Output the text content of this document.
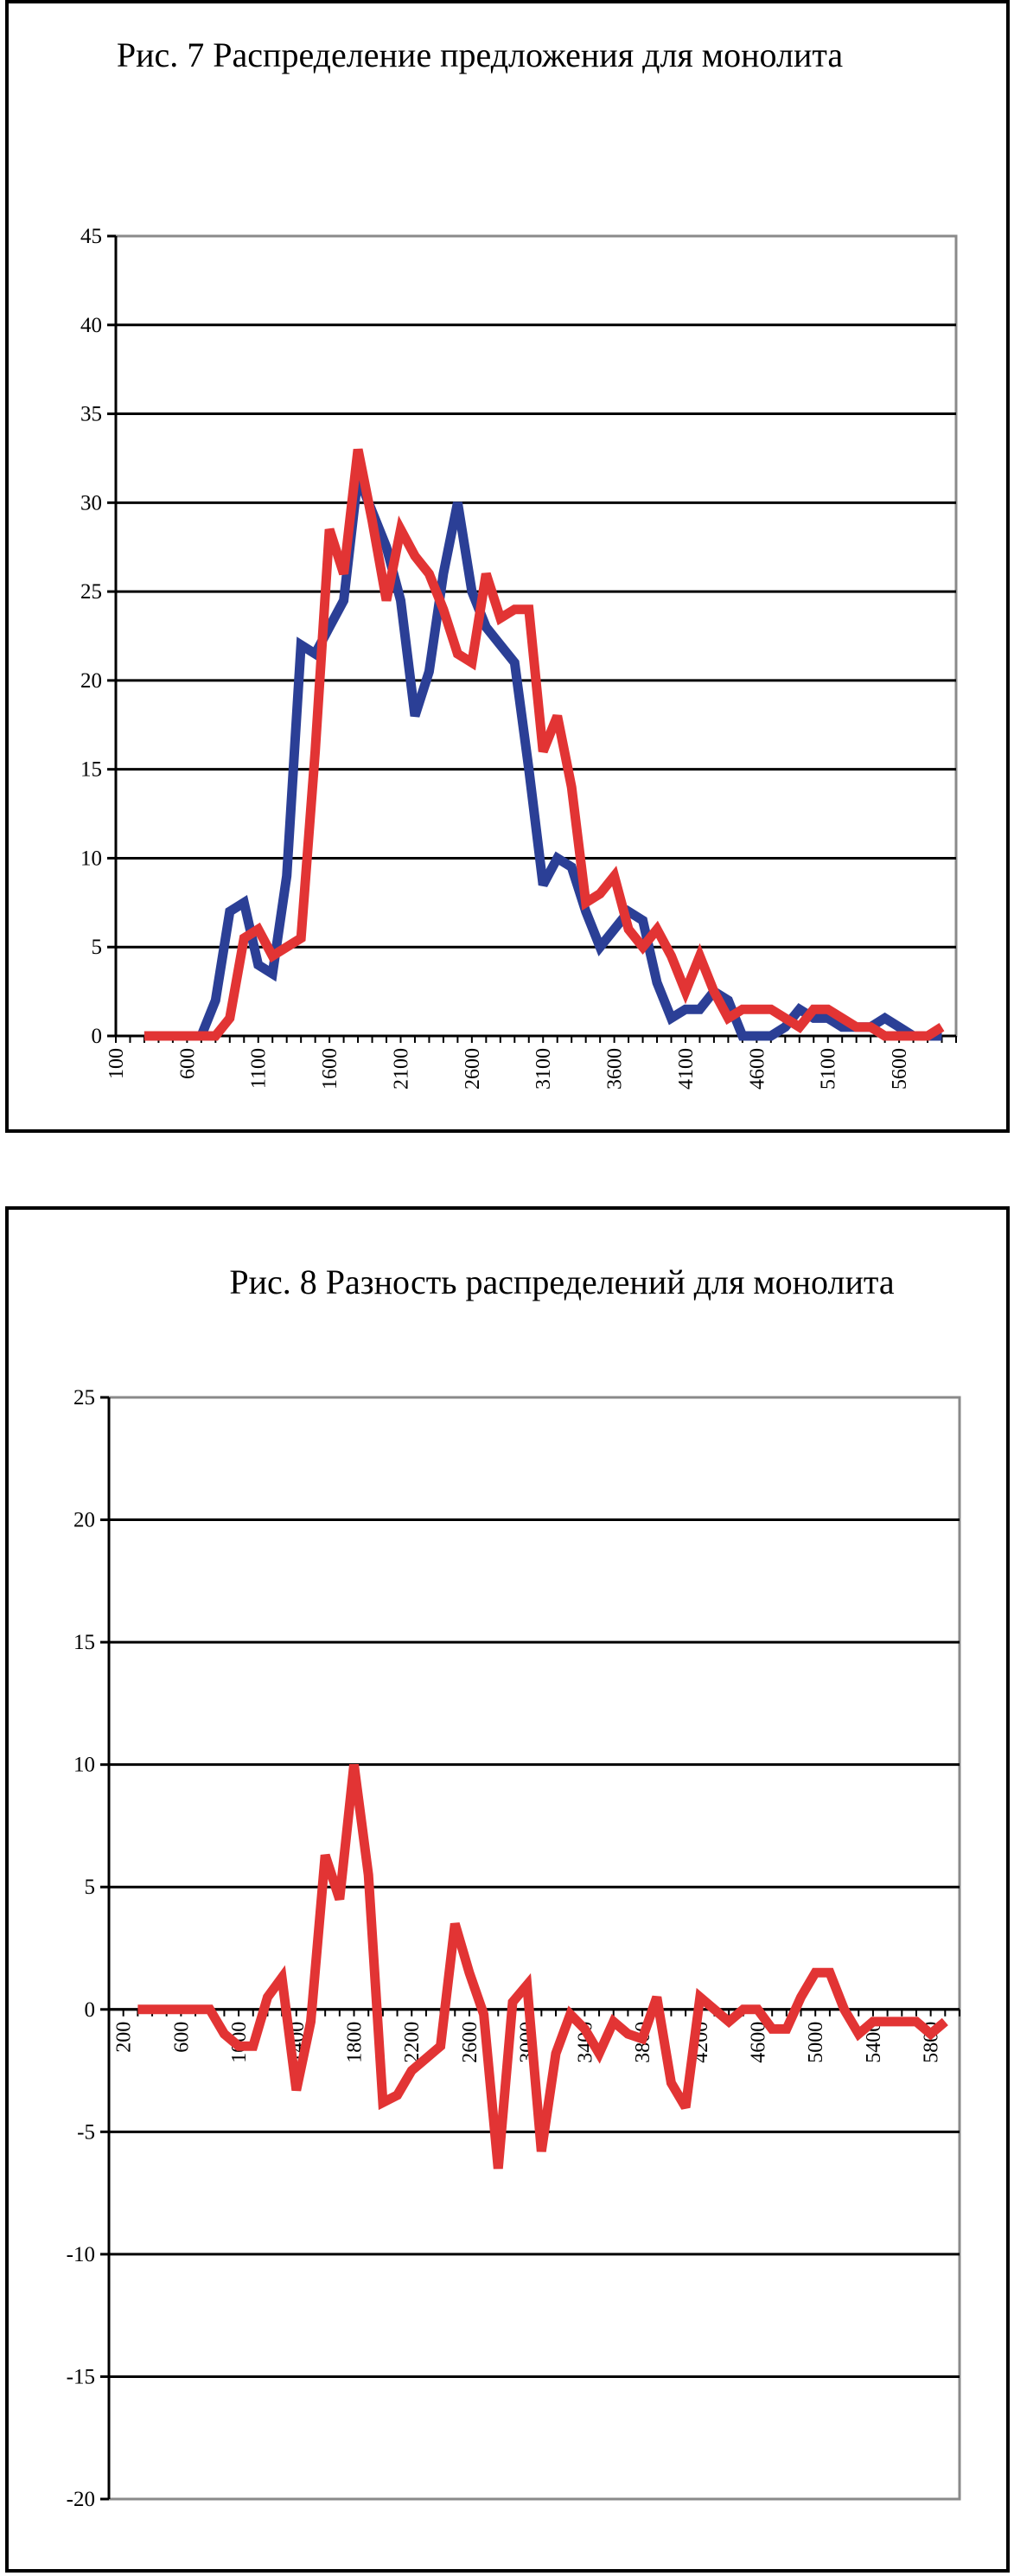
Рис. 7 Распределение предложения для монолита
Рис. 8 Разность распределений для монолита
0
5
10
15
20
25
30
35
40
45
100 600 1100 1600 2100 2600 3100 3600 4100 4600 5100 5600
-20
-15
-10
-5
0
5
10
15
20
25
200 600 1000 1400 1800 2200 2600 3000 3400 3800 4200 4600 5000 5400 5800
